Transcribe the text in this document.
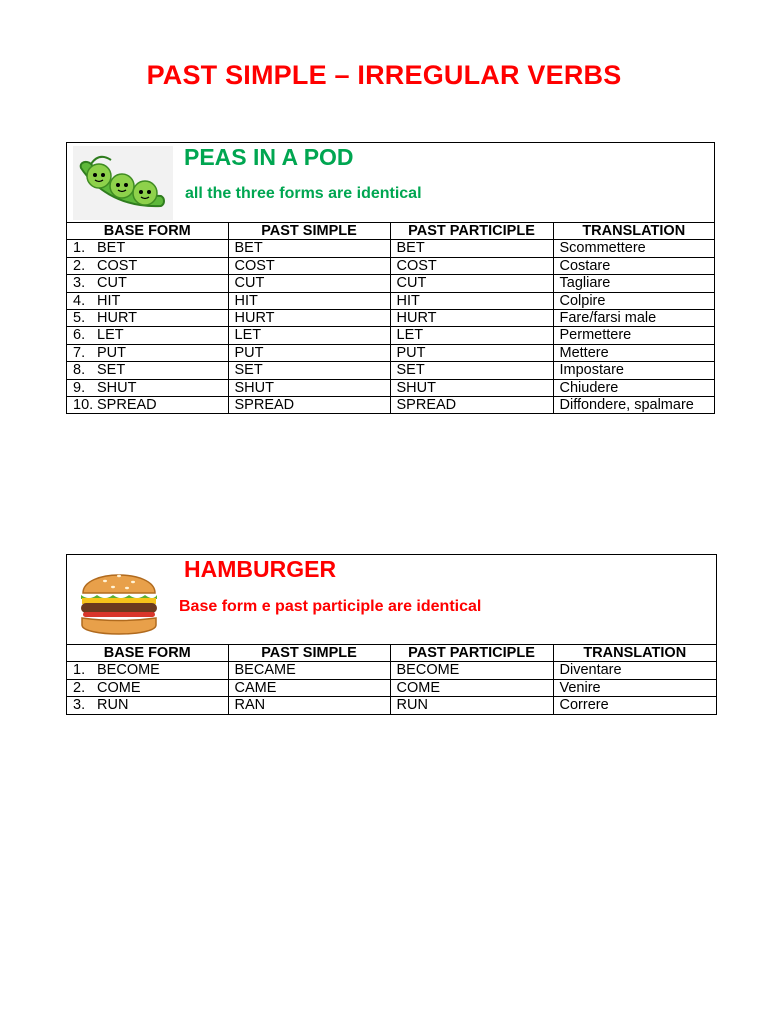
PAST SIMPLE – IRREGULAR VERBS
PEAS IN A POD
all the three forms are identical
BASE FORM	PAST SIMPLE	PAST PARTICIPLE	TRANSLATION
1. BET	BET	BET	Scommettere
2. COST	COST	COST	Costare
3. CUT	CUT	CUT	Tagliare
4. HIT	HIT	HIT	Colpire
5. HURT	HURT	HURT	Fare/farsi male
6. LET	LET	LET	Permettere
7. PUT	PUT	PUT	Mettere
8. SET	SET	SET	Impostare
9. SHUT	SHUT	SHUT	Chiudere
10. SPREAD	SPREAD	SPREAD	Diffondere, spalmare
HAMBURGER
Base form e past participle are identical
BASE FORM	PAST SIMPLE	PAST PARTICIPLE	TRANSLATION
1. BECOME	BECAME	BECOME	Diventare
2. COME	CAME	COME	Venire
3. RUN	RAN	RUN	Correre
